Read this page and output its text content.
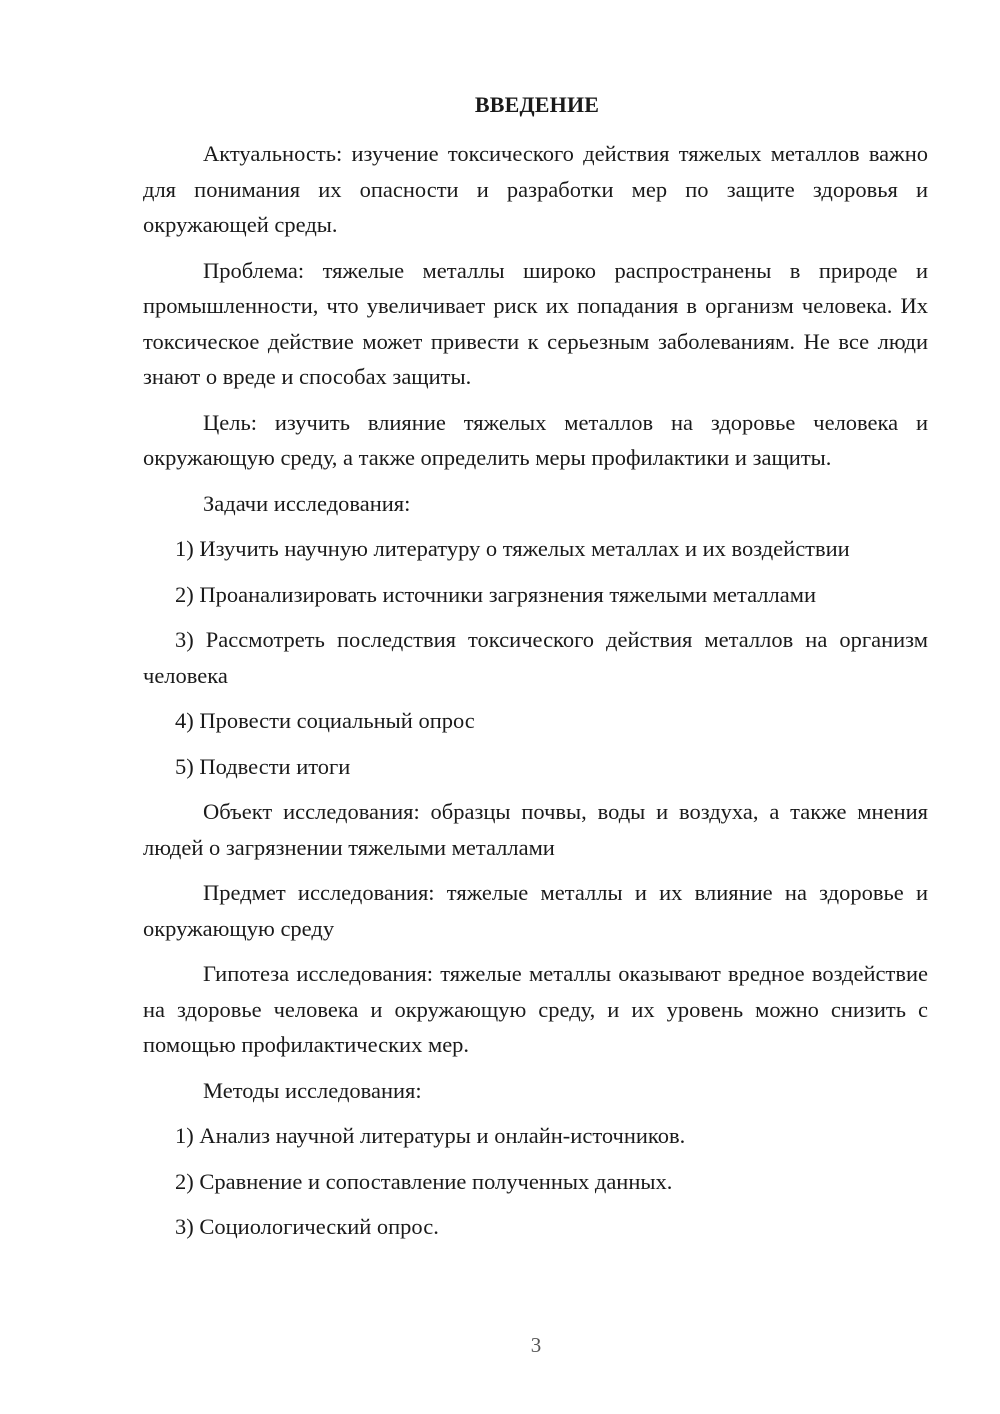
ВВЕДЕНИЕ
Актуальность: изучение токсического действия тяжелых металлов важно для понимания их опасности и разработки мер по защите здоровья и окружающей среды.
Проблема: тяжелые металлы широко распространены в природе и промышленности, что увеличивает риск их попадания в организм человека. Их токсическое действие может привести к серьезным заболеваниям. Не все люди знают о вреде и способах защиты.
Цель: изучить влияние тяжелых металлов на здоровье человека и окружающую среду, а также определить меры профилактики и защиты.
Задачи исследования:
1) Изучить научную литературу о тяжелых металлах и их воздействии
2) Проанализировать источники загрязнения тяжелыми металлами
3) Рассмотреть последствия токсического действия металлов на организм человека
4) Провести социальный опрос
5) Подвести итоги
Объект исследования: образцы почвы, воды и воздуха, а также мнения людей о загрязнении тяжелыми металлами
Предмет исследования: тяжелые металлы и их влияние на здоровье и окружающую среду
Гипотеза исследования: тяжелые металлы оказывают вредное воздействие на здоровье человека и окружающую среду, и их уровень можно снизить с помощью профилактических мер.
Методы исследования:
1) Анализ научной литературы и онлайн-источников.
2) Сравнение и сопоставление полученных данных.
3) Социологический опрос.
3
